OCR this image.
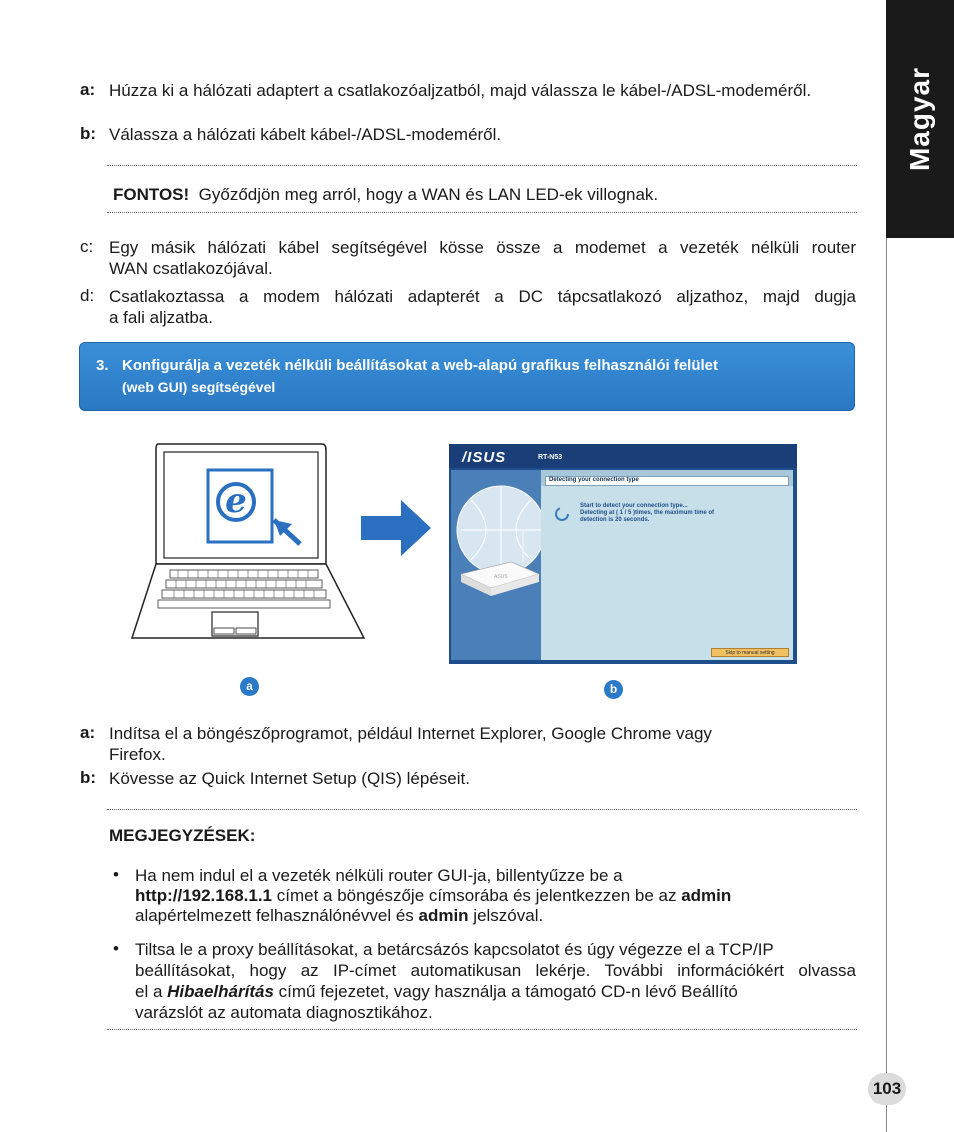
Magyar
a: Húzza ki a hálózati adaptert a csatlakozóaljzatból, majd válassza le kábel-/ADSL-modeméről.
b: Válassza a hálózati kábelt kábel-/ADSL-modeméről.
FONTOS! Győződjön meg arról, hogy a WAN és LAN LED-ek villognak.
c: Egy másik hálózati kábel segítségével kösse össze a modemet a vezeték nélküli router
WAN csatlakozójával.
d: Csatlakoztassa a modem hálózati adapterét a DC tápcsatlakozó aljzathoz, majd dugja
a fali aljzatba.
3. Konfigurálja a vezeték nélküli beállításokat a web-alapú grafikus felhasználói felület
(web GUI) segítségével
e
/ISUS	RT-N53
ASUS
Detecting your connection type
Start to detect your connection type...
Detecting at ( 1 / 5 )times, the maximum time of
detection is 20 seconds.
Skip to manual setting
a	b
a: Indítsa el a böngészőprogramot, például Internet Explorer, Google Chrome vagy
Firefox.
b: Kövesse az Quick Internet Setup (QIS) lépéseit.
MEGJEGYZÉSEK:
• Ha nem indul el a vezeték nélküli router GUI-ja, billentyűzze be a
http://192.168.1.1 címet a böngészője címsorába és jelentkezzen be az admin
alapértelmezett felhasználónévvel és admin jelszóval.
• Tiltsa le a proxy beállításokat, a betárcsázós kapcsolatot és úgy végezze el a TCP/IP
beállításokat, hogy az IP-címet automatikusan lekérje. További információkért olvassa
el a Hibaelhárítás című fejezetet, vagy használja a támogató CD-n lévő Beállító
varázslót az automata diagnosztikához.
103
